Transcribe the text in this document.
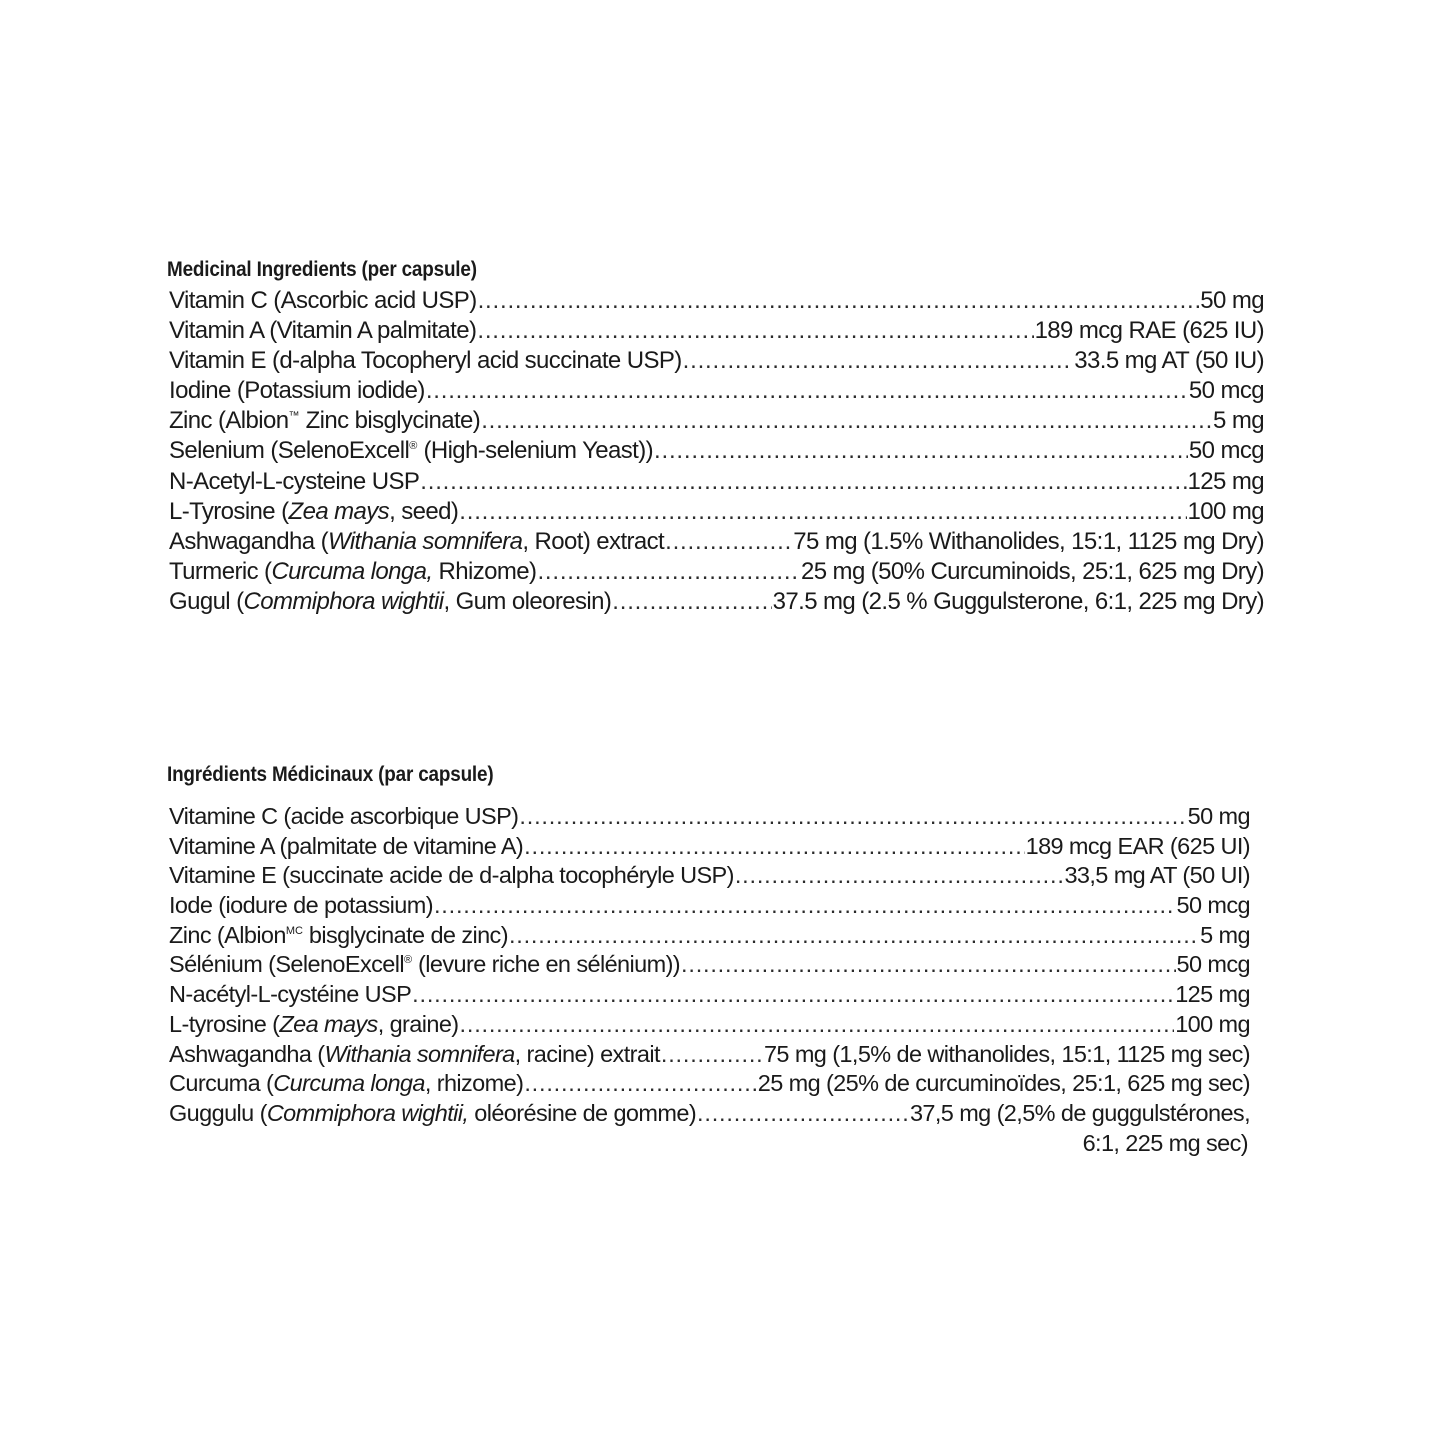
Medicinal Ingredients (per capsule)
Vitamin C (Ascorbic acid USP) .....	50 mg
Vitamin A (Vitamin A palmitate) .....	189 mcg RAE (625 IU)
Vitamin E (d-alpha Tocopheryl acid succinate USP) .....	33.5 mg AT (50 IU)
Iodine (Potassium iodide) .....	50 mcg
Zinc (Albion™ Zinc bisglycinate) .....	5 mg
Selenium (SelenoExcell® (High-selenium Yeast)) .....	50 mcg
N-Acetyl-L-cysteine USP .....	125 mg
L-Tyrosine (Zea mays, seed) .....	100 mg
Ashwagandha (Withania somnifera, Root) extract .....	75 mg (1.5% Withanolides, 15:1, 1125 mg Dry)
Turmeric (Curcuma longa, Rhizome) .....	25 mg (50% Curcuminoids, 25:1, 625 mg Dry)
Gugul (Commiphora wightii, Gum oleoresin) .....	37.5 mg (2.5 % Guggulsterone, 6:1, 225 mg Dry)
Ingrédients Médicinaux (par capsule)
Vitamine C (acide ascorbique USP) .....	50 mg
Vitamine A (palmitate de vitamine A) .....	189 mcg EAR (625 UI)
Vitamine E (succinate acide de d-alpha tocophéryle USP) .....	33,5 mg AT (50 UI)
Iode (iodure de potassium) .....	50 mcg
Zinc (Albion$^{MC}$ bisglycinate de zinc) .....	5 mg
Sélénium (SelenoExcell® (levure riche en sélénium)) .....	50 mcg
N-acétyl-L-cystéine USP .....	125 mg
L-tyrosine (Zea mays, graine) .....	100 mg
Ashwagandha (Withania somnifera, racine) extrait .....	75 mg (1,5% de withanolides, 15:1, 1125 mg sec)
Curcuma (Curcuma longa, rhizome) .....	25 mg (25% de curcuminoïdes, 25:1, 625 mg sec)
Guggulu (Commiphora wightii, oléorésine de gomme) .....	37,5 mg (2,5% de guggulstérones,
6:1, 225 mg sec)
